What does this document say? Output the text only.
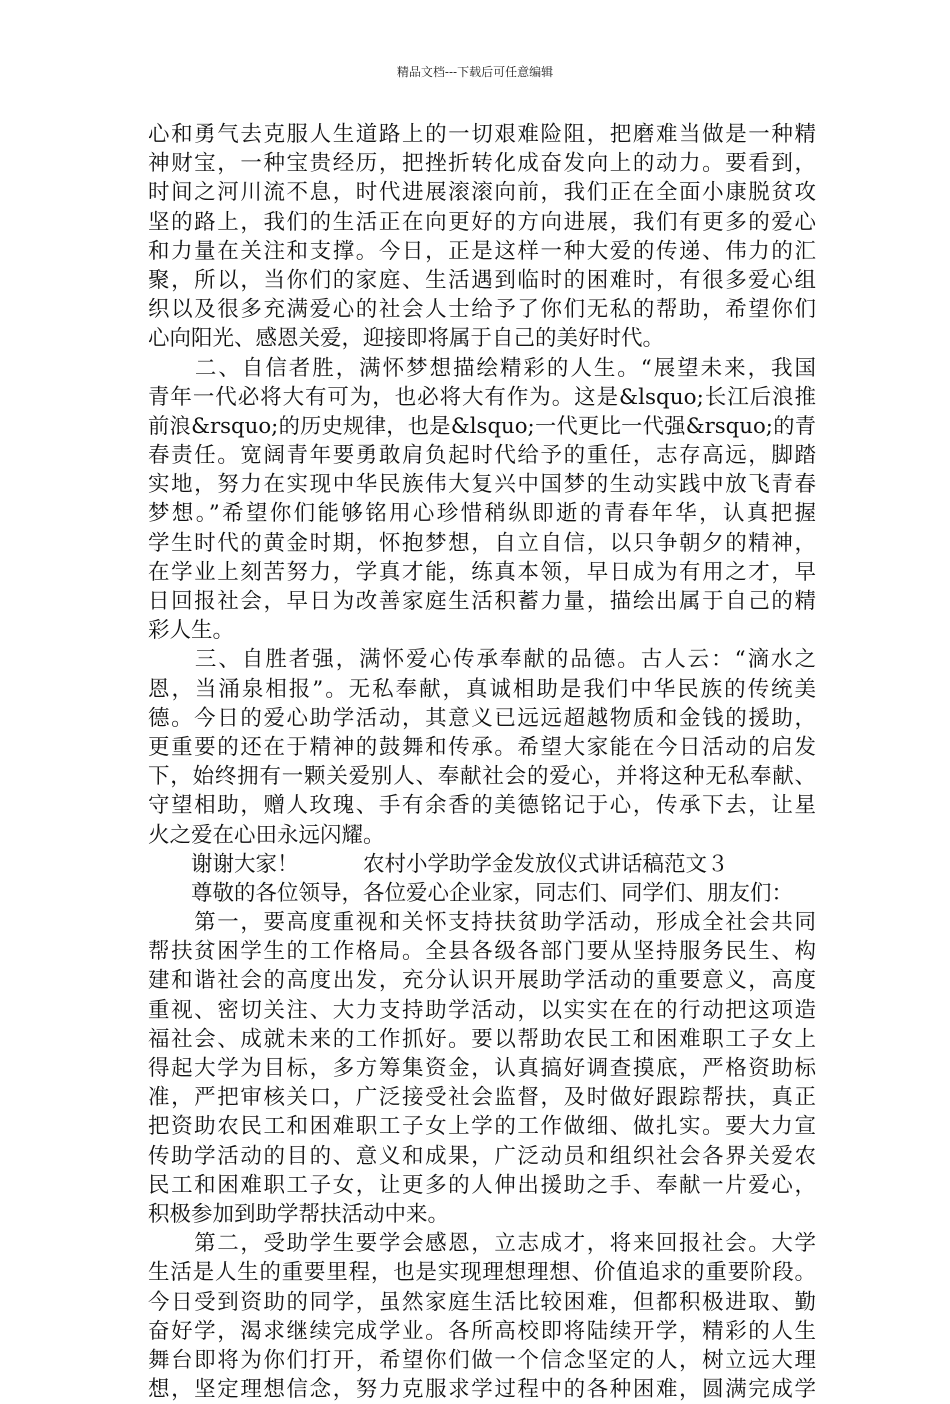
精品文档---下载后可任意编辑
心和勇气去克服人生道路上的一切艰难险阻，把磨难当做是一种精
神财宝，一种宝贵经历，把挫折转化成奋发向上的动力。要看到，
时间之河川流不息，时代进展滚滚向前，我们正在全面小康脱贫攻
坚的路上，我们的生活正在向更好的方向进展，我们有更多的爱心
和力量在关注和支撑。今日，正是这样一种大爱的传递、伟力的汇
聚，所以，当你们的家庭、生活遇到临时的困难时，有很多爱心组
织以及很多充满爱心的社会人士给予了你们无私的帮助，希望你们
心向阳光、感恩关爱，迎接即将属于自己的美好时代。
　　二、自信者胜，满怀梦想描绘精彩的人生。“展望未来，我国
青年一代必将大有可为，也必将大有作为。这是&lsquo;长江后浪推
前浪&rsquo;的历史规律，也是&lsquo;一代更比一代强&rsquo;的青
春责任。宽阔青年要勇敢肩负起时代给予的重任，志存高远，脚踏
实地，努力在实现中华民族伟大复兴中国梦的生动实践中放飞青春
梦想。”希望你们能够铭用心珍惜稍纵即逝的青春年华，认真把握
学生时代的黄金时期，怀抱梦想，自立自信，以只争朝夕的精神，
在学业上刻苦努力，学真才能，练真本领，早日成为有用之才，早
日回报社会，早日为改善家庭生活积蓄力量，描绘出属于自己的精
彩人生。
　　三、自胜者强，满怀爱心传承奉献的品德。古人云：“滴水之
恩，当涌泉相报”。无私奉献，真诚相助是我们中华民族的传统美
德。今日的爱心助学活动，其意义已远远超越物质和金钱的援助，
更重要的还在于精神的鼓舞和传承。希望大家能在今日活动的启发
下，始终拥有一颗关爱别人、奉献社会的爱心，并将这种无私奉献、
守望相助，赠人玫瑰、手有余香的美德铭记于心，传承下去，让星
火之爱在心田永远闪耀。
　　谢谢大家！　　　农村小学助学金发放仪式讲话稿范文３
　　尊敬的各位领导，各位爱心企业家，同志们、同学们、朋友们：
　　第一，要高度重视和关怀支持扶贫助学活动，形成全社会共同
帮扶贫困学生的工作格局。全县各级各部门要从坚持服务民生、构
建和谐社会的高度出发，充分认识开展助学活动的重要意义，高度
重视、密切关注、大力支持助学活动，以实实在在的行动把这项造
福社会、成就未来的工作抓好。要以帮助农民工和困难职工子女上
得起大学为目标，多方筹集资金，认真搞好调查摸底，严格资助标
准，严把审核关口，广泛接受社会监督，及时做好跟踪帮扶，真正
把资助农民工和困难职工子女上学的工作做细、做扎实。要大力宣
传助学活动的目的、意义和成果，广泛动员和组织社会各界关爱农
民工和困难职工子女，让更多的人伸出援助之手、奉献一片爱心，
积极参加到助学帮扶活动中来。
　　第二，受助学生要学会感恩，立志成才，将来回报社会。大学
生活是人生的重要里程，也是实现理想理想、价值追求的重要阶段。
今日受到资助的同学，虽然家庭生活比较困难，但都积极进取、勤
奋好学，渴求继续完成学业。各所高校即将陆续开学，精彩的人生
舞台即将为你们打开，希望你们做一个信念坚定的人，树立远大理
想，坚定理想信念，努力克服求学过程中的各种困难，圆满完成学
